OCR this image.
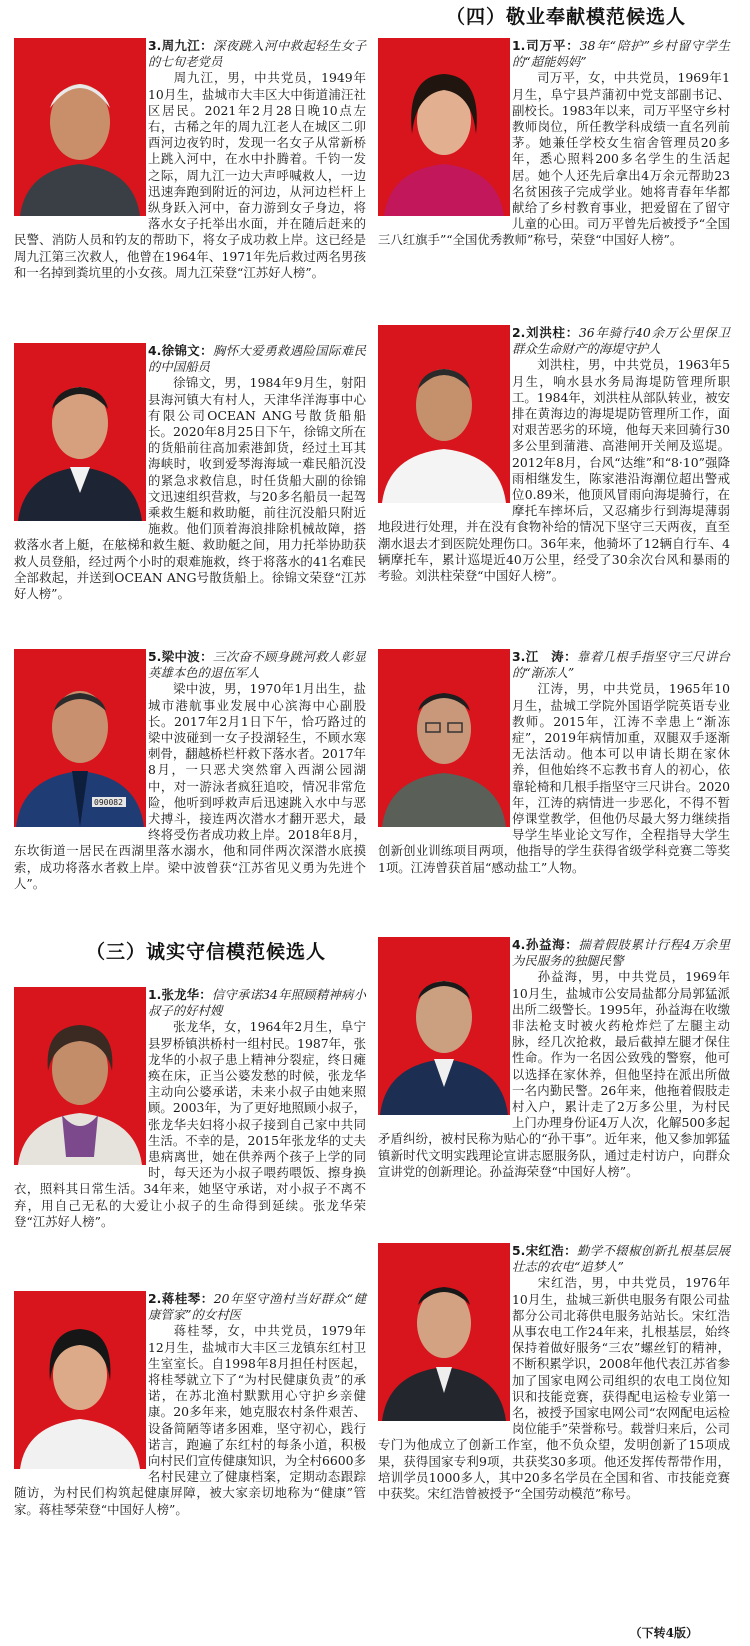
（四）敬业奉献模范候选人
（三）诚实守信模范候选人

3.周九江：深夜跳入河中救起轻生女子的七旬老党员
周九江，男，中共党员，1949年10月生，盐城市大丰区大中街道浦汪社区居民。2021年2月28日晚10点左右，古稀之年的周九江老人在城区二卯酉河边夜钓时，发现一名女子从常新桥上跳入河中，在水中扑腾着。千钧一发之际，周九江一边大声呼喊救人，一边迅速奔跑到附近的河边，从河边栏杆上纵身跃入河中，奋力游到女子身边，将落水女子托举出水面，并在随后赶来的民警、消防人员和钓友的帮助下，将女子成功救上岸。这已经是周九江第三次救人，他曾在1964年、1971年先后救过两名男孩和一名掉到粪坑里的小女孩。周九江荣登“江苏好人榜”。

4.徐锦文：胸怀大爱勇救遇险国际难民的中国船员
徐锦文，男，1984年9月生，射阳县海河镇大有村人，天津华洋海事中心有限公司OCEAN ANG号散货船船长。2020年8月25日下午，徐锦文所在的货船前往高加索港卸货，经过土耳其海峡时，收到爱琴海海域一难民船沉没的紧急求救信息，时任货船大副的徐锦文迅速组织营救，与20多名船员一起驾乘救生艇和救助艇，前往沉没船只附近施救。他们顶着海浪排除机械故障，搭救落水者上艇，在舷梯和救生艇、救助艇之间，用力托举协助获救人员登船，经过两个小时的艰难施救，终于将落水的41名难民全部救起，并送到OCEAN ANG号散货船上。徐锦文荣登“江苏好人榜”。

090082

5.梁中波：三次奋不顾身跳河救人彰显英雄本色的退伍军人
梁中波，男，1970年1月出生，盐城市港航事业发展中心滨海中心副股长。2017年2月1日下午，恰巧路过的梁中波碰到一女子投湖轻生，不顾水寒刺骨，翻越桥栏杆救下落水者。2017年8月，一只恶犬突然窜入西湖公园湖中，对一游泳者疯狂追咬，情况非常危险，他听到呼救声后迅速跳入水中与恶犬搏斗，接连两次潜水才翻开恶犬，最终将受伤者成功救上岸。2018年8月，东坎街道一居民在西湖里落水溺水，他和同伴两次深潜水底摸索，成功将落水者救上岸。梁中波曾获“江苏省见义勇为先进个人”。

1.张龙华：信守承诺34年照顾精神病小叔子的好村嫂
张龙华，女，1964年2月生，阜宁县罗桥镇洪桥村一组村民。1987年，张龙华的小叔子患上精神分裂症，终日瘫痪在床，正当公婆发愁的时候，张龙华主动向公婆承诺，未来小叔子由她来照顾。2003年，为了更好地照顾小叔子，张龙华夫妇将小叔子接到自己家中共同生活。不幸的是，2015年张龙华的丈夫患病离世，她在供养两个孩子上学的同时，每天还为小叔子喂药喂饭、擦身换衣，照料其日常生活。34年来，她坚守承诺，对小叔子不离不弃，用自己无私的大爱让小叔子的生命得到延续。张龙华荣登“江苏好人榜”。

2.蒋桂琴：20年坚守渔村当好群众“健康管家”的女村医
蒋桂琴，女，中共党员，1979年12月生，盐城市大丰区三龙镇东红村卫生室室长。自1998年8月担任村医起，将桂琴就立下了“为村民健康负责”的承诺，在苏北渔村默默用心守护乡亲健康。20多年来，她克服农村条件艰苦、设备简陋等诸多困难，坚守初心，践行诺言，跑遍了东红村的每条小道，积极向村民们宣传健康知识，为全村6600多名村民建立了健康档案，定期动态跟踪随访，为村民们构筑起健康屏障，被大家亲切地称为“健康”管家。蒋桂琴荣登“中国好人榜”。

1.司万平：38年“陪护”乡村留守学生的“超能妈妈”
司万平，女，中共党员，1969年1月生，阜宁县芦蒲初中党支部副书记、副校长。1983年以来，司万平坚守乡村教师岗位，所任教学科成绩一直名列前茅。她兼任学校女生宿舍管理员20多年，悉心照料200多名学生的生活起居。她个人还先后拿出4万余元帮助23名贫困孩子完成学业。她将青春年华都献给了乡村教育事业，把爱留在了留守儿童的心田。司万平曾先后被授予“全国三八红旗手”“全国优秀教师”称号，荣登“中国好人榜”。

2.刘洪柱：36年骑行40余万公里保卫群众生命财产的海堤守护人
刘洪柱，男，中共党员，1963年5月生，响水县水务局海堤防管理所职工。1984年，刘洪柱从部队转业，被安排在黄海边的海堤堤防管理所工作，面对艰苦恶劣的环境，他每天来回骑行30多公里到蒲港、高港闸开关闸及巡堤。2012年8月，台风“达维”和“8·10”强降雨相继发生，陈家港沿海潮位超出警戒位0.89米，他顶风冒雨向海堤骑行，在摩托车摔坏后，又忍痛步行到海堤薄弱地段进行处理，并在没有食物补给的情况下坚守三天两夜，直至潮水退去才到医院处理伤口。36年来，他骑坏了12辆自行车、4辆摩托车，累计巡堤近40万公里，经受了30余次台风和暴雨的考验。刘洪柱荣登“中国好人榜”。

3.江　涛：靠着几根手指坚守三尺讲台的“渐冻人”
江涛，男，中共党员，1965年10月生，盐城工学院外国语学院英语专业教师。2015年，江涛不幸患上“渐冻症”，2019年病情加重，双腿双手逐渐无法活动。他本可以申请长期在家休养，但他始终不忘教书育人的初心，依靠轮椅和几根手指坚守三尺讲台。2020年，江涛的病情进一步恶化，不得不暂停课堂教学，但他仍尽最大努力继续指导学生毕业论文写作，全程指导大学生创新创业训练项目两项，他指导的学生获得省级学科竞赛二等奖1项。江涛曾获首届“感动盐工”人物。

4.孙益海：揣着假肢累计行程4万余里为民服务的独腿民警
孙益海，男，中共党员，1969年10月生，盐城市公安局盐都分局郭猛派出所二级警长。1995年，孙益海在收缴非法枪支时被火药枪炸烂了左腿主动脉，经几次抢救，最后截掉左腿才保住性命。作为一名因公致残的警察，他可以选择在家休养，但他坚持在派出所做一名内勤民警。26年来，他拖着假肢走村入户，累计走了2万多公里，为村民上门办理身份证4万人次，化解500多起矛盾纠纷，被村民称为贴心的“孙干事”。近年来，他又参加郭猛镇新时代文明实践理论宣讲志愿服务队，通过走村访户，向群众宣讲党的创新理论。孙益海荣登“中国好人榜”。

5.宋红浩：勤学不辍椒创新扎根基层展壮志的农电“追梦人”
宋红浩，男，中共党员，1976年10月生，盐城三新供电服务有限公司盐都分公司北蒋供电服务站站长。宋红浩从事农电工作24年来，扎根基层，始终保持着做好服务“三农”螺丝钉的精神，不断积累学识，2008年他代表江苏省参加了国家电网公司组织的农电工岗位知识和技能竞赛，获得配电运检专业第一名，被授予国家电网公司“农网配电运检岗位能手”荣誉称号。载誉归来后，公司专门为他成立了创新工作室，他不负众望，发明创新了15项成果，获得国家专利9项，共获奖30多项。他还发挥传帮带作用，培训学员1000多人，其中20多名学员在全国和省、市技能竞赛中获奖。宋红浩曾被授予“全国劳动模范”称号。

（下转4版）
